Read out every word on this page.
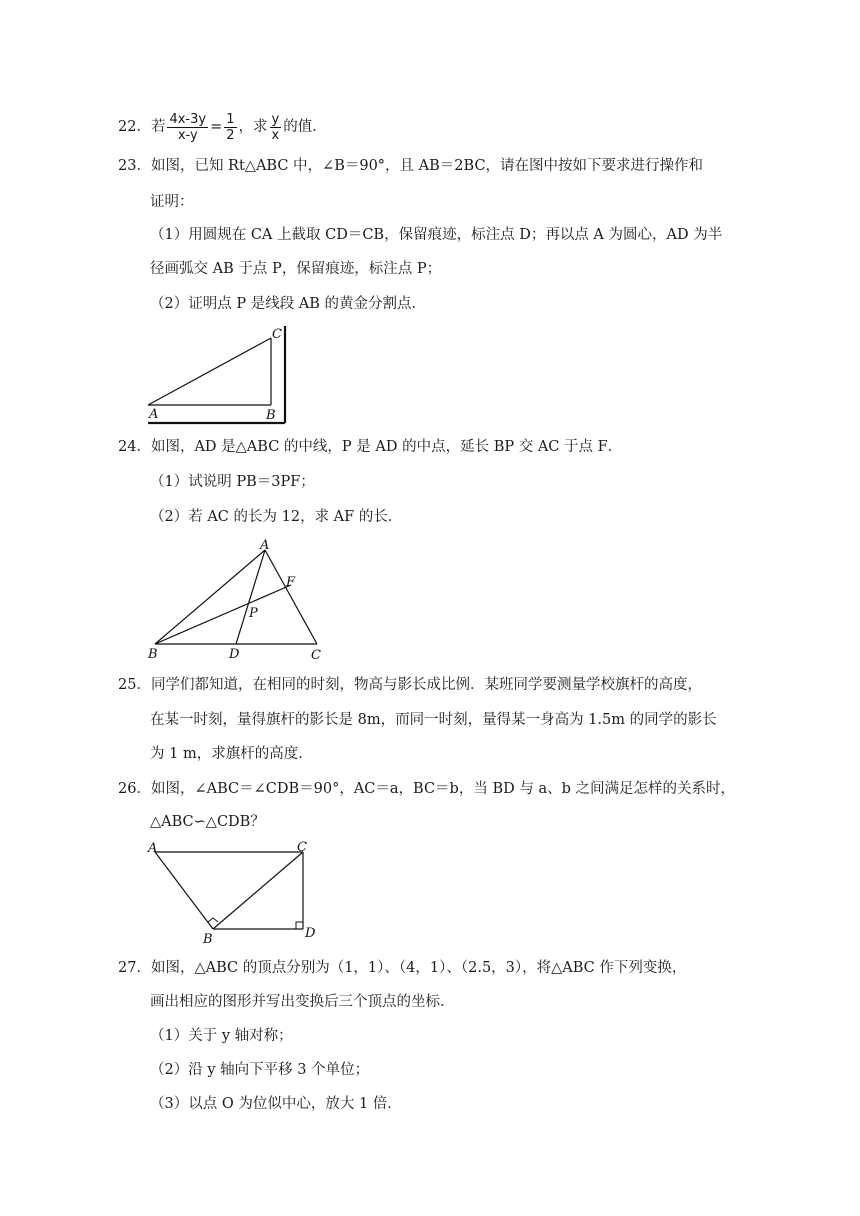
22．若 $\frac{4x-3y}{x-y} = \frac{1}{2}$ ，求 $\frac{y}{x}$ 的值．
23．如图，已知 Rt△ABC 中，∠B＝90°，且 AB＝2BC，请在图中按如下要求进行操作和
证明：
（1）用圆规在 CA 上截取 CD＝CB，保留痕迹，标注点 D；再以点 A 为圆心，AD 为半
径画弧交 AB 于点 P，保留痕迹，标注点 P；
（2）证明点 P 是线段 AB 的黄金分割点．
A	B
C
24．如图，AD 是△ABC 的中线，P 是 AD 的中点，延长 BP 交 AC 于点 F．
（1）试说明 PB＝3PF；
（2）若 AC 的长为 12，求 AF 的长．
A
B	D	C
F
P
25．同学们都知道，在相同的时刻，物高与影长成比例．某班同学要测量学校旗杆的高度，
在某一时刻，量得旗杆的影长是 8m，而同一时刻，量得某一身高为 1.5m 的同学的影长
为 1 m，求旗杆的高度．
26．如图，∠ABC＝∠CDB＝90°，AC＝a，BC＝b，当 BD 与 a、b 之间满足怎样的关系时，
△ABC∽△CDB？
A	C
B	D
27．如图，△ABC 的顶点分别为（1，1）、（4，1）、（2.5，3），将△ABC 作下列变换，
画出相应的图形并写出变换后三个顶点的坐标．
（1）关于 y 轴对称；
（2）沿 y 轴向下平移 3 个单位；
（3）以点 O 为位似中心，放大 1 倍．
